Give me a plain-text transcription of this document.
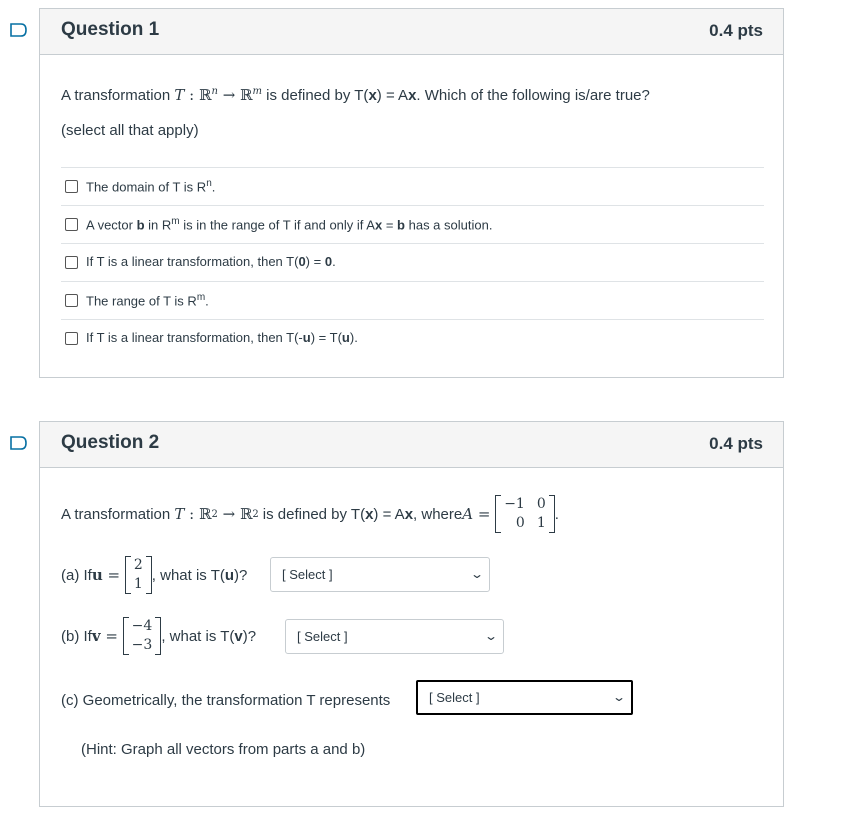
Question 1	0.4 pts
A transformation T : ℝ$^n$ → ℝ$^m$ is defined by T(x) = Ax. Which of the following is/are true?
(select all that apply)
The domain of T is $R^n$.
A vector b in $R^m$ is in the range of T if and only if Ax = b has a solution.
If T is a linear transformation, then T(0) = 0.
The range of T is $R^m$.
If T is a linear transformation, then T(-u) = T(u).
Question 2	0.4 pts
A transformation
T : ℝ 2 → ℝ 2 is defined by T( x ) = A x , where A =
−1 0
0 1
.
(a) If u =
2
1
, what is T( u )?	[ Select ]	⌄
(b) If v =
−4
−3
, what is T( v )?	[ Select ]	⌄
(c) Geometrically, the transformation T represents	[ Select ]	⌄
(Hint: Graph all vectors from parts a and b)
